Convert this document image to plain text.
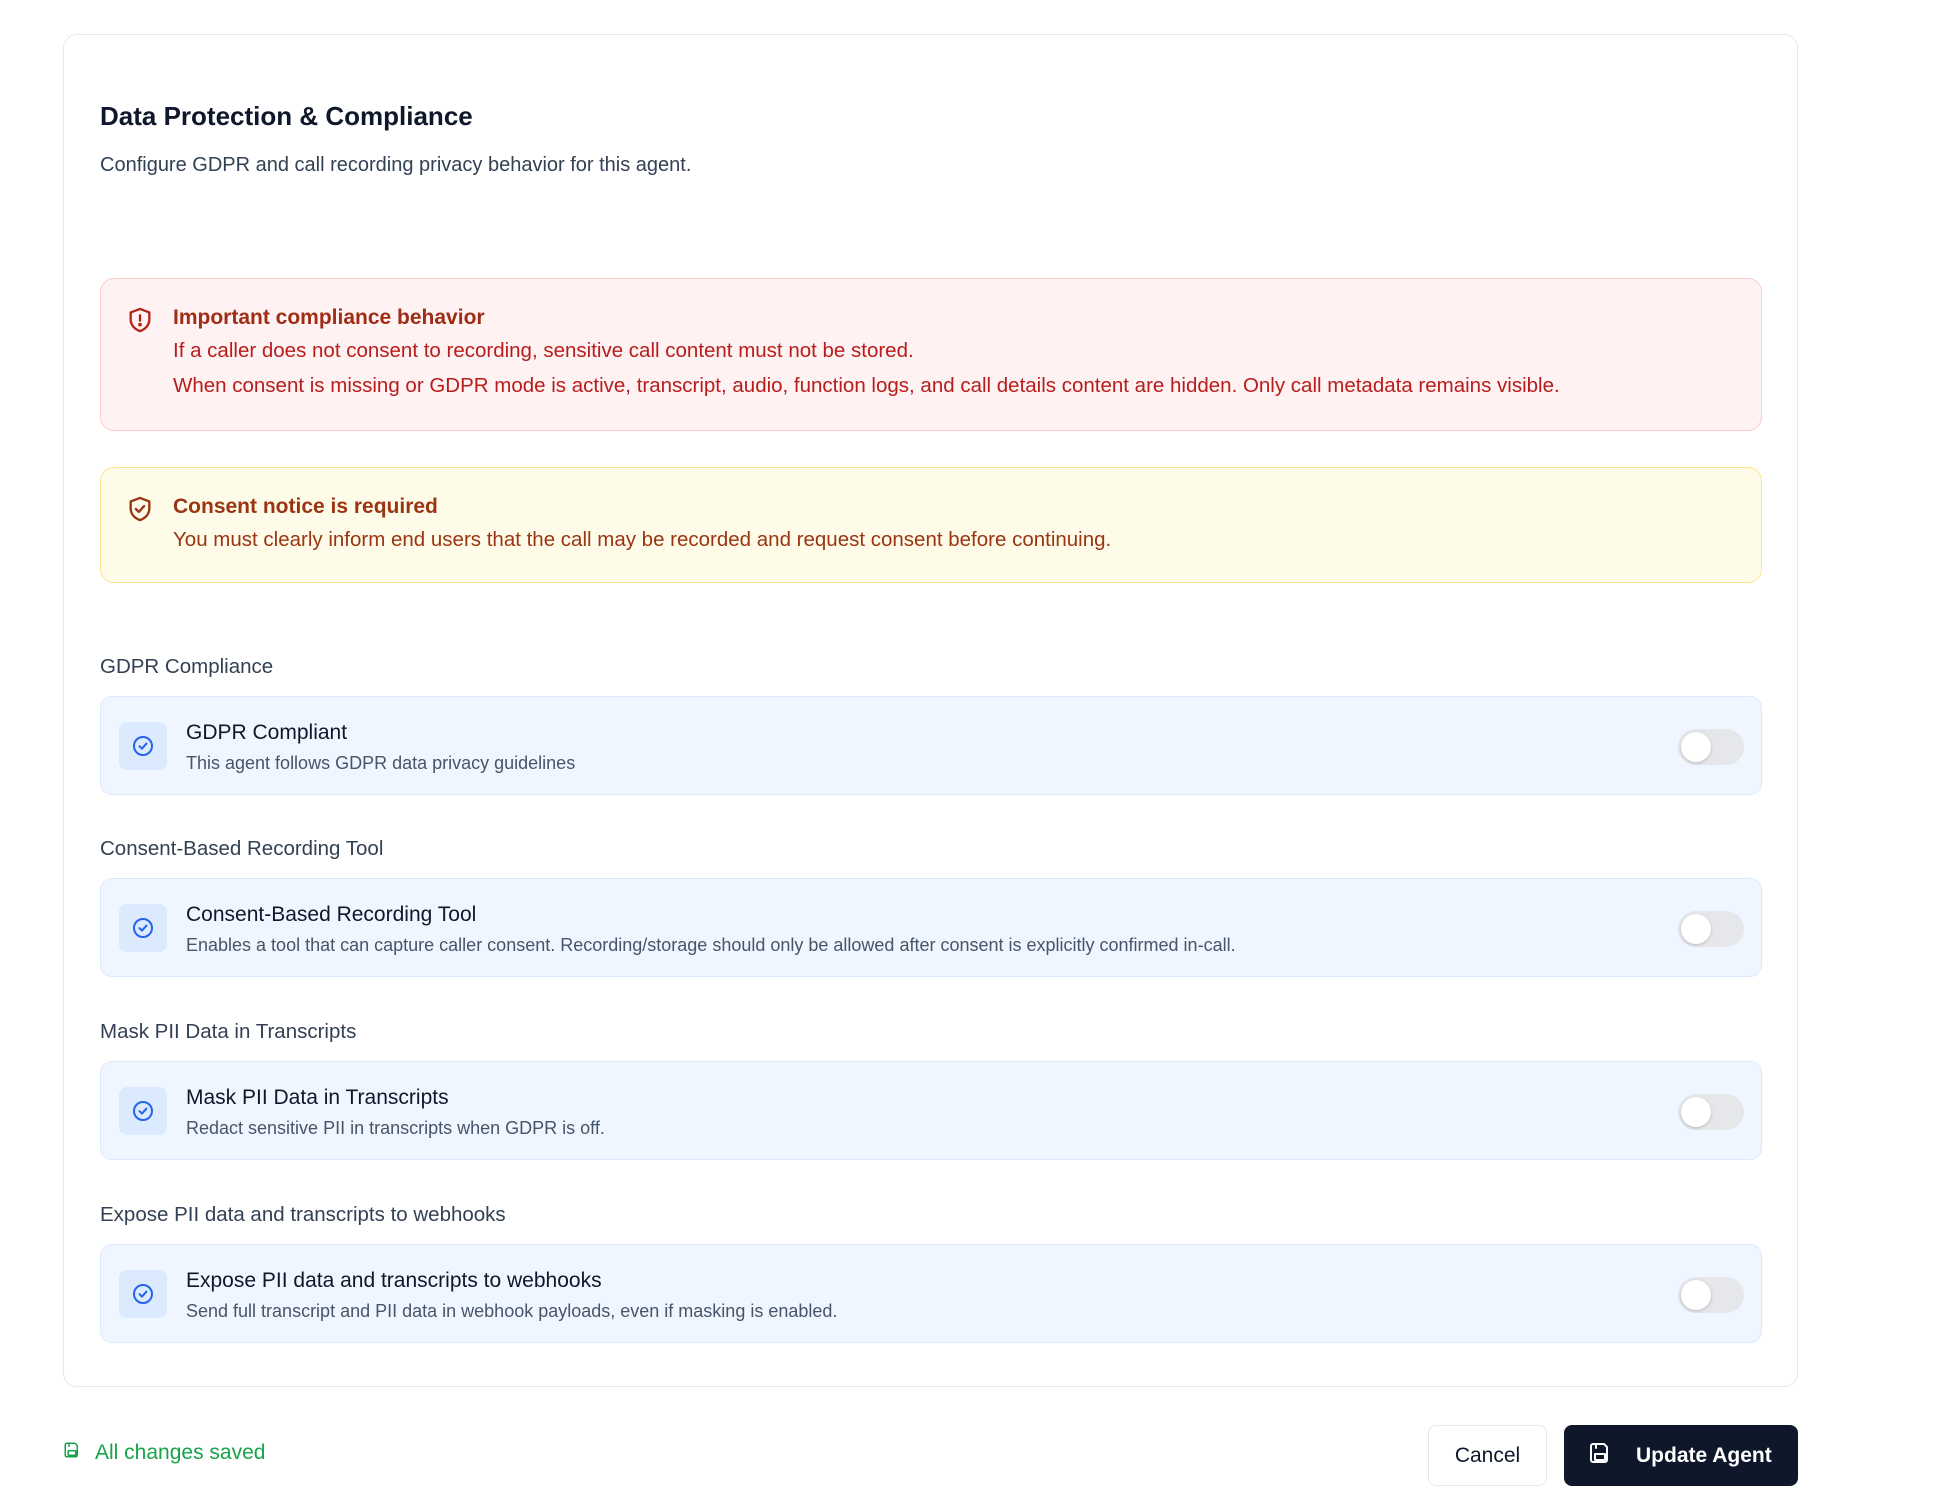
Data Protection & Compliance

Configure GDPR and call recording privacy behavior for this agent.

Important compliance behavior
If a caller does not consent to recording, sensitive call content must not be stored.
When consent is missing or GDPR mode is active, transcript, audio, function logs, and call details content are hidden. Only call metadata remains visible.
Consent notice is required
You must clearly inform end users that the call may be recorded and request consent before continuing.
GDPR Compliance
GDPR Compliant
This agent follows GDPR data privacy guidelines
Consent-Based Recording Tool
Consent-Based Recording Tool
Enables a tool that can capture caller consent. Recording/storage should only be allowed after consent is explicitly confirmed in-call.
Mask PII Data in Transcripts
Mask PII Data in Transcripts
Redact sensitive PII in transcripts when GDPR is off.
Expose PII data and transcripts to webhooks
Expose PII data and transcripts to webhooks
Send full transcript and PII data in webhook payloads, even if masking is enabled.
All changes saved	Cancel	Update Agent
